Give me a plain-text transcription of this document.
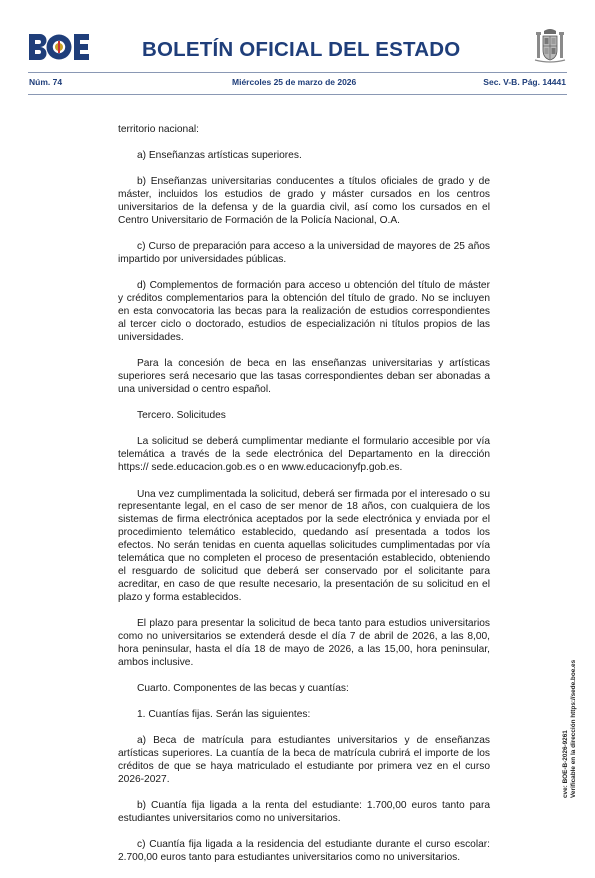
BOLETÍN OFICIAL DEL ESTADO
Núm. 74	Miércoles 25 de marzo de 2026	Sec. V-B. Pág. 14441

territorio nacional:

a) Enseñanzas artísticas superiores.

b) Enseñanzas universitarias conducentes a títulos oficiales de grado y de máster, incluidos los estudios de grado y máster cursados en los centros universitarios de la defensa y de la guardia civil, así como los cursados en el Centro Universitario de Formación de la Policía Nacional, O.A.

c) Curso de preparación para acceso a la universidad de mayores de 25 años impartido por universidades públicas.

d) Complementos de formación para acceso u obtención del título de máster y créditos complementarios para la obtención del título de grado. No se incluyen en esta convocatoria las becas para la realización de estudios correspondientes al tercer ciclo o doctorado, estudios de especialización ni títulos propios de las universidades.

Para la concesión de beca en las enseñanzas universitarias y artísticas superiores será necesario que las tasas correspondientes deban ser abonadas a una universidad o centro español.

Tercero. Solicitudes

La solicitud se deberá cumplimentar mediante el formulario accesible por vía telemática a través de la sede electrónica del Departamento en la dirección https:// sede.educacion.gob.es o en www.educacionyfp.gob.es.

Una vez cumplimentada la solicitud, deberá ser firmada por el interesado o su representante legal, en el caso de ser menor de 18 años, con cualquiera de los sistemas de firma electrónica aceptados por la sede electrónica y enviada por el procedimiento telemático establecido, quedando así presentada a todos los efectos. No serán tenidas en cuenta aquellas solicitudes cumplimentadas por vía telemática que no completen el proceso de presentación establecido, obteniendo el resguardo de solicitud que deberá ser conservado por el solicitante para acreditar, en caso de que resulte necesario, la presentación de su solicitud en el plazo y forma establecidos.

El plazo para presentar la solicitud de beca tanto para estudios universitarios como no universitarios se extenderá desde el día 7 de abril de 2026, a las 8,00, hora peninsular, hasta el día 18 de mayo de 2026, a las 15,00, hora peninsular, ambos inclusive.

Cuarto. Componentes de las becas y cuantías:

1. Cuantías fijas. Serán las siguientes:

a) Beca de matrícula para estudiantes universitarios y de enseñanzas artísticas superiores. La cuantía de la beca de matrícula cubrirá el importe de los créditos de que se haya matriculado el estudiante por primera vez en el curso 2026-2027.

b) Cuantía fija ligada a la renta del estudiante: 1.700,00 euros tanto para estudiantes universitarios como no universitarios.

c) Cuantía fija ligada a la residencia del estudiante durante el curso escolar: 2.700,00 euros tanto para estudiantes universitarios como no universitarios.

cve: BOE-B-2026-9261 Verificable en la dirección https://sede.boe.es
